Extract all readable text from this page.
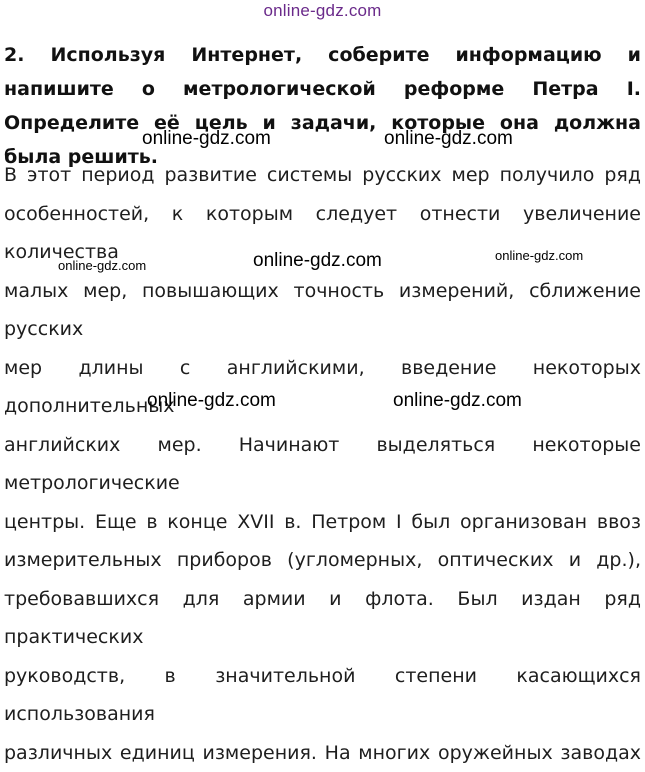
online-gdz.com
2. Используя Интернет, соберите информацию и напишите о метрологической реформе Петра I. Определите её цель и задачи, которые она должна была решить.
В этот период развитие системы русских мер получило ряд
особенностей, к которым следует отнести увеличение количества
малых мер, повышающих точность измерений, сближение русских
мер длины с английскими, введение некоторых дополнительных
английских мер. Начинают выделяться некоторые метрологические
центры. Еще в конце XVII в. Петром I был организован ввоз
измерительных приборов (угломерных, оптических и др.),
требовавшихся для армии и флота. Был издан ряд практических
руководств, в значительной степени касающихся использования
различных единиц измерения. На многих оружейных заводах
online-gdz.com	online-gdz.com
online-gdz.com	online-gdz.com	online-gdz.com
online-gdz.com	online-gdz.com
